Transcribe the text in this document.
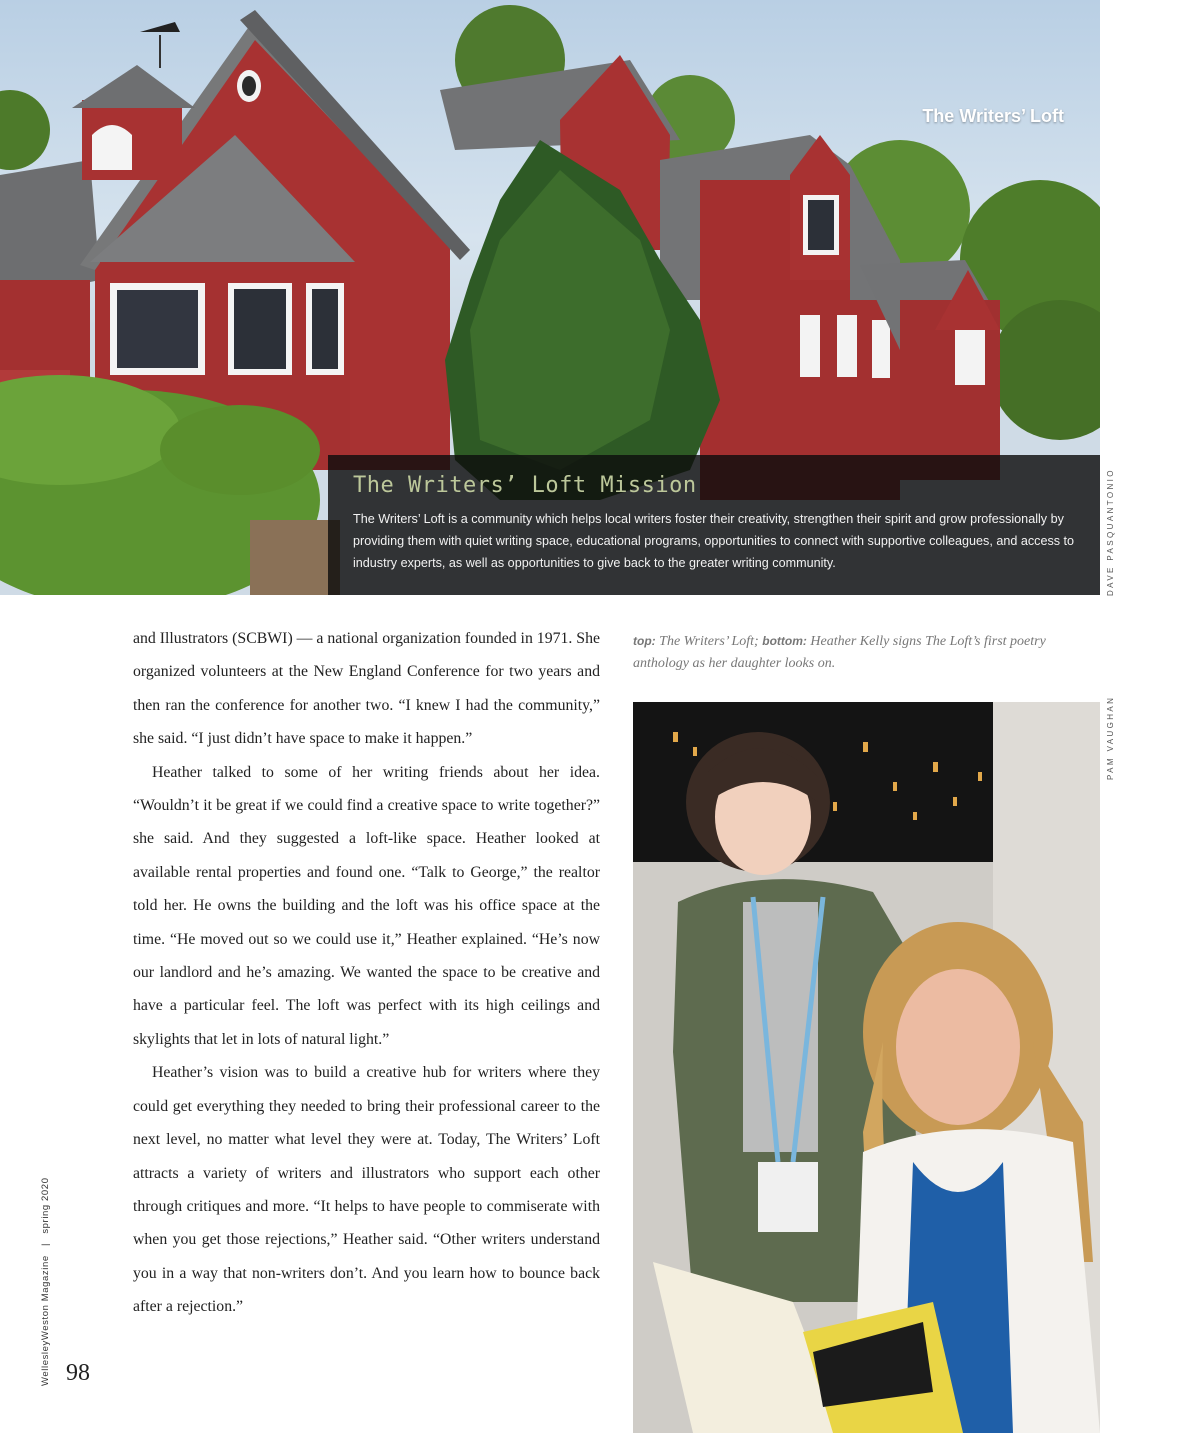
The Writers’ Loft
The Writers’ Loft Mission

The Writers’ Loft is a community which helps local writers foster their creativity, strengthen their spirit and grow professionally by providing them with quiet writing space, educational programs, opportunities to connect with supportive colleagues, and access to industry experts, as well as opportunities to give back to the greater writing community.	DAVE PASQUANTONIO

and Illustrators (SCBWI) — a national organization founded in 1971. She organized volunteers at the New England Conference for two years and then ran the conference for another two. “I knew I had the community,” she said. “I just didn’t have space to make it happen.”

Heather talked to some of her writing friends about her idea. “Wouldn’t it be great if we could find a creative space to write together?” she said. And they suggested a loft-like space. Heather looked at available rental properties and found one. “Talk to George,” the realtor told her. He owns the building and the loft was his office space at the time. “He moved out so we could use it,” Heather explained. “He’s now our landlord and he’s amazing. We wanted the space to be creative and have a particular feel. The loft was perfect with its high ceilings and skylights that let in lots of natural light.”

Heather’s vision was to build a creative hub for writers where they could get everything they needed to bring their professional career to the next level, no matter what level they were at. Today, The Writers’ Loft attracts a variety of writers and illustrators who support each other through critiques and more. “It helps to have people to commiserate with when you get those rejections,” Heather said. “Other writers understand you in a way that non-writers don’t. And you learn how to bounce back after a rejection.”

top: The Writers’ Loft; bottom: Heather Kelly signs The Loft’s first poetry anthology as her daughter looks on.
PAM VAUGHAN
WellesleyWeston Magazine | spring 2020
98
